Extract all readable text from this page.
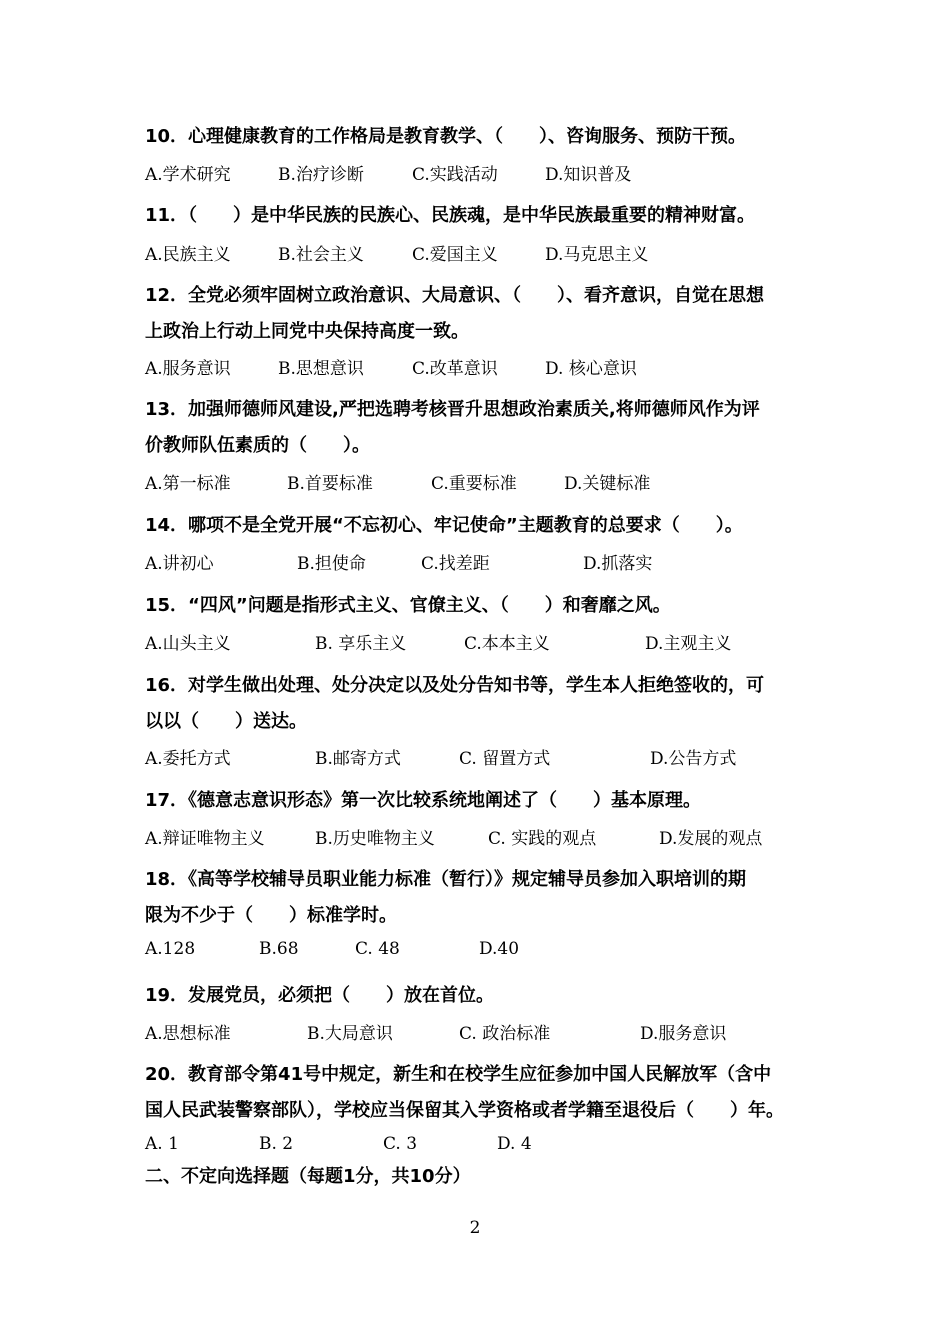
10．心理健康教育的工作格局是教育教学、（　　）、咨询服务、预防干预。
A.学术研究	B.治疗诊断	C.实践活动	D.知识普及
11．（　　）是中华民族的民族心、民族魂，是中华民族最重要的精神财富。
A.民族主义	B.社会主义	C.爱国主义	D.马克思主义
12．全党必须牢固树立政治意识、大局意识、（　　）、看齐意识，自觉在思想
上政治上行动上同党中央保持高度一致。
A.服务意识	B.思想意识	C.改革意识	D. 核心意识
13．加强师德师风建设,严把选聘考核晋升思想政治素质关,将师德师风作为评
价教师队伍素质的（　　）。
A.第一标准	B.首要标准	C.重要标准	D.关键标准
14．哪项不是全党开展“不忘初心、牢记使命”主题教育的总要求（　　）。
A.讲初心	B.担使命	C.找差距	D.抓落实
15．“四风”问题是指形式主义、官僚主义、（　　）和奢靡之风。
A.山头主义	B. 享乐主义	C.本本主义	D.主观主义
16．对学生做出处理、处分决定以及处分告知书等，学生本人拒绝签收的，可
以以（　　）送达。
A.委托方式	B.邮寄方式	C. 留置方式	D.公告方式
17．《德意志意识形态》第一次比较系统地阐述了（　　）基本原理。
A.辩证唯物主义	B.历史唯物主义	C. 实践的观点	D.发展的观点
18．《高等学校辅导员职业能力标准（暂行）》规定辅导员参加入职培训的期
限为不少于（　　）标准学时。
A.128	B.68	C. 48	D.40
19．发展党员，必须把（　　）放在首位。
A.思想标准	B.大局意识	C. 政治标准	D.服务意识
20．教育部令第41号中规定，新生和在校学生应征参加中国人民解放军（含中
国人民武装警察部队），学校应当保留其入学资格或者学籍至退役后（　　）年。
A. 1	B. 2	C. 3	D. 4
二、不定向选择题（每题1分，共10分）
2
